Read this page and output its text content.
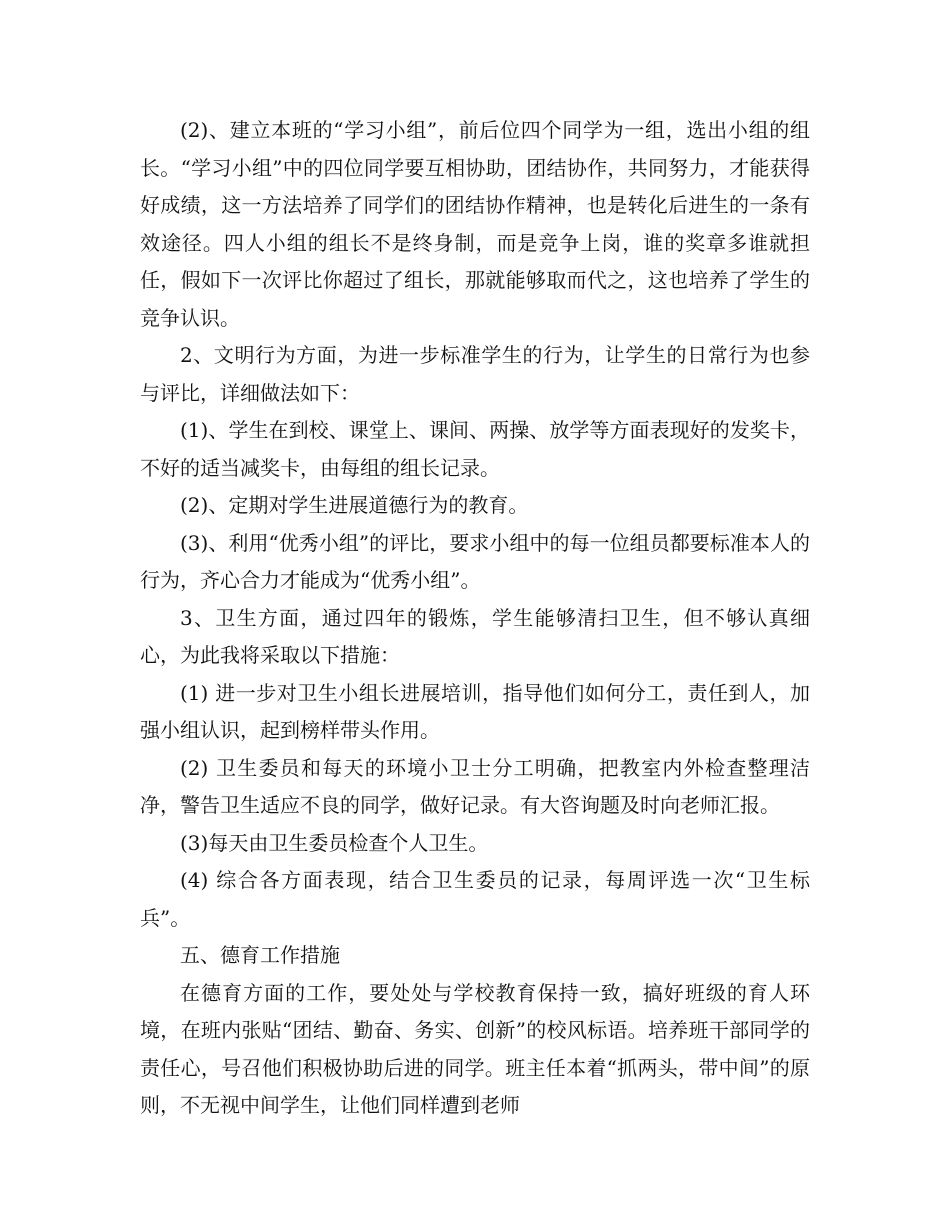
(2)、建立本班的“学习小组”，前后位四个同学为一组，选出小组的组长。“学习小组”中的四位同学要互相协助，团结协作，共同努力，才能获得好成绩，这一方法培养了同学们的团结协作精神，也是转化后进生的一条有效途径。四人小组的组长不是终身制，而是竞争上岗，谁的奖章多谁就担任，假如下一次评比你超过了组长，那就能够取而代之，这也培养了学生的竞争认识。

2、文明行为方面，为进一步标准学生的行为，让学生的日常行为也参与评比，详细做法如下：

(1)、学生在到校、课堂上、课间、两操、放学等方面表现好的发奖卡，不好的适当减奖卡，由每组的组长记录。

(2)、定期对学生进展道德行为的教育。

(3)、利用“优秀小组”的评比，要求小组中的每一位组员都要标准本人的行为，齐心合力才能成为“优秀小组”。

3、卫生方面，通过四年的锻炼，学生能够清扫卫生，但不够认真细心，为此我将采取以下措施：

(1) 进一步对卫生小组长进展培训，指导他们如何分工，责任到人，加强小组认识，起到榜样带头作用。

(2) 卫生委员和每天的环境小卫士分工明确，把教室内外检查整理洁净，警告卫生适应不良的同学，做好记录。有大咨询题及时向老师汇报。

(3)每天由卫生委员检查个人卫生。

(4) 综合各方面表现，结合卫生委员的记录，每周评选一次“卫生标兵”。

五、德育工作措施

在德育方面的工作，要处处与学校教育保持一致，搞好班级的育人环境，在班内张贴“团结、勤奋、务实、创新”的校风标语。培养班干部同学的责任心，号召他们积极协助后进的同学。班主任本着“抓两头，带中间”的原则，不无视中间学生，让他们同样遭到老师
